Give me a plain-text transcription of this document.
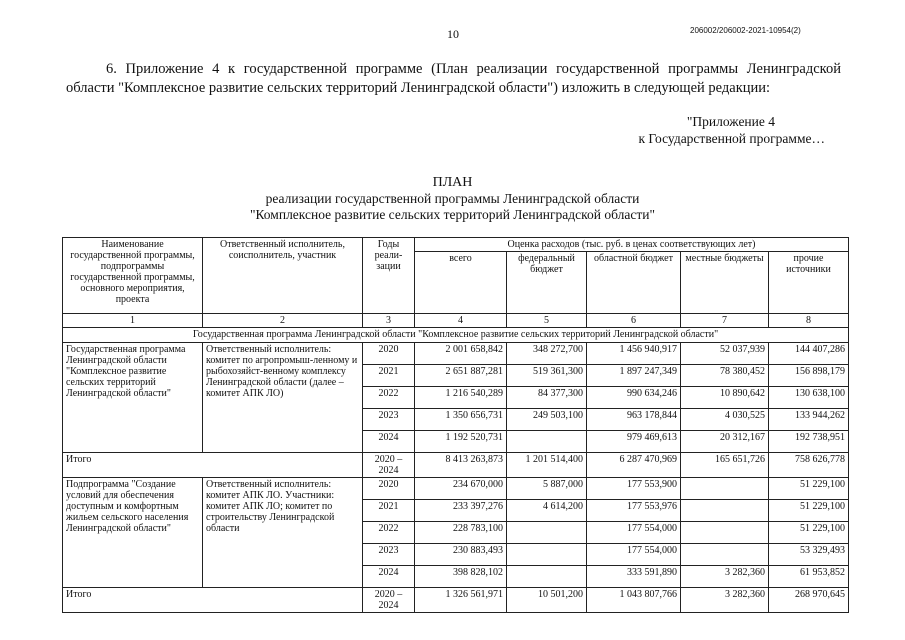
10	206002/206002-2021-10954(2)
6. Приложение 4 к государственной программе (План реализации государственной программы Ленинградской области "Комплексное развитие сельских территорий Ленинградской области") изложить в следующей редакции:
"Приложение 4
к Государственной программе…
ПЛАН
реализации государственной программы Ленинградской области
"Комплексное развитие сельских территорий Ленинградской области"
Наименование государственной программы, подпрограммы государственной программы, основного мероприятия, проекта	Ответственный исполнитель, соисполнитель, участник	Годы реали-зации	Оценка расходов (тыс. руб. в ценах соответствующих лет)				
			всего	федеральный бюджет	областной бюджет	местные бюджеты	прочие источники
1	2	3	4	5	6	7	8
Государственная программа Ленинградской области "Комплексное развитие сельских территорий Ленинградской области"							
Государственная программа Ленинградской области "Комплексное развитие сельских территорий Ленинградской области"	Ответственный исполнитель: комитет по агропромыш-ленному и рыбохозяйст-венному комплексу Ленинградской области (далее – комитет АПК ЛО)	2020	2 001 658,842	348 272,700	1 456 940,917	52 037,939	144 407,286
		2021	2 651 887,281	519 361,300	1 897 247,349	78 380,452	156 898,179
		2022	1 216 540,289	84 377,300	990 634,246	10 890,642	130 638,100
		2023	1 350 656,731	249 503,100	963 178,844	4 030,525	133 944,262
		2024	1 192 520,731		979 469,613	20 312,167	192 738,951
Итого		2020 – 2024	8 413 263,873	1 201 514,400	6 287 470,969	165 651,726	758 626,778
Подпрограмма "Создание условий для обеспечения доступным и комфортным жильем сельского населения Ленинградской области"	Ответственный исполнитель: комитет АПК ЛО. Участники: комитет АПК ЛО; комитет по строительству Ленинградской области	2020	234 670,000	5 887,000	177 553,900		51 229,100
		2021	233 397,276	4 614,200	177 553,976		51 229,100
		2022	228 783,100		177 554,000		51 229,100
		2023	230 883,493		177 554,000		53 329,493
		2024	398 828,102		333 591,890	3 282,360	61 953,852
Итого		2020 – 2024	1 326 561,971	10 501,200	1 043 807,766	3 282,360	268 970,645
